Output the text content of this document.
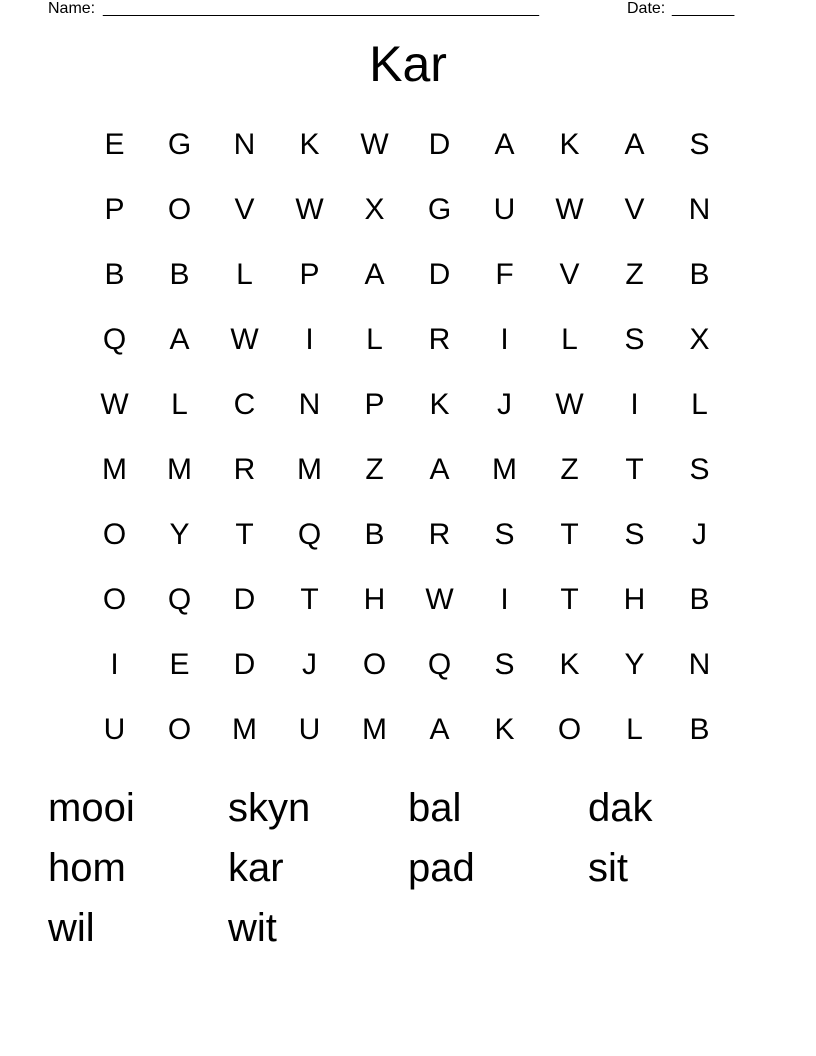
Name: _________________________________________________	Date: _______
Kar
E	G	N	K	W	D	A	K	A	S
P	O	V	W	X	G	U	W	V	N
B	B	L	P	A	D	F	V	Z	B
Q	A	W	I	L	R	I	L	S	X
W	L	C	N	P	K	J	W	I	L
M	M	R	M	Z	A	M	Z	T	S
O	Y	T	Q	B	R	S	T	S	J
O	Q	D	T	H	W	I	T	H	B
I	E	D	J	O	Q	S	K	Y	N
U	O	M	U	M	A	K	O	L	B
mooi	skyn	bal	dak
hom	kar	pad	sit
wil	wit
